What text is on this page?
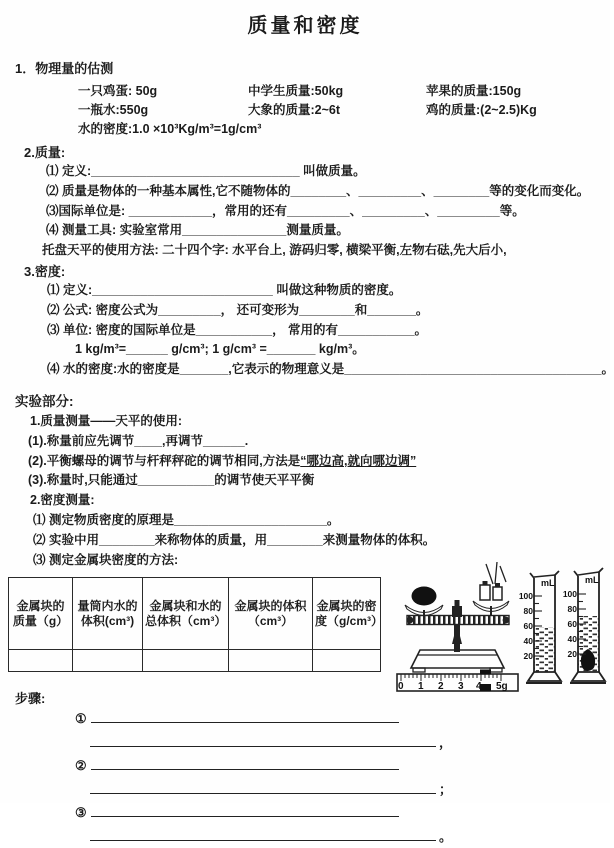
质量和密度
1．物理量的估测
一只鸡蛋: 50g	中学生质量:50kg	苹果的质量:150g
一瓶水:550g	大象的质量:2~6t	鸡的质量:(2~2.5)Kg
水的密度:1.0 ×10³Kg/m³=1g/cm³
2.质量:
⑴ 定义:______________________________ 叫做质量。
⑵ 质量是物体的一种基本属性,它不随物体的________、_________、________等的变化而变化。
⑶国际单位是: ____________，常用的还有_________、_________、_________等。
⑷ 测量工具: 实验室常用_______________测量质量。
托盘天平的使用方法: 二十四个字: 水平台上, 游码归零, 横梁平衡,左物右砝,先大后小,
3.密度:
⑴ 定义:__________________________ 叫做这种物质的密度。
⑵ 公式: 密度公式为_________， 还可变形为________和_______。
⑶ 单位: 密度的国际单位是___________， 常用的有___________。
1 kg/m³=______ g/cm³; 1 g/cm³ =_______ kg/m³。
⑷ 水的密度:水的密度是_______,它表示的物理意义是_____________________________________。
实验部分:
1.质量测量——天平的使用:
(1).称量前应先调节____,再调节______.
(2).平衡螺母的调节与杆秤秤砣的调节相同,方法是“哪边高,就向哪边调”
(3).称量时,只能通过___________的调节使天平平衡
2.密度测量:
⑴ 测定物质密度的原理是______________________。
⑵ 实验中用________来称物体的质量，用________来测量物体的体积。
⑶ 测定金属块密度的方法:
金属块的质量（g）	量筒内水的体积(cm³)	金属块和水的总体积（cm³）	金属块的体积（cm³）	金属块的密度（g/cm³）

步骤:
①
，
②
；
③
。
0 1 2 3 4 5g
mL
100
80
60
40
20
mL
100
80
60
40
20
